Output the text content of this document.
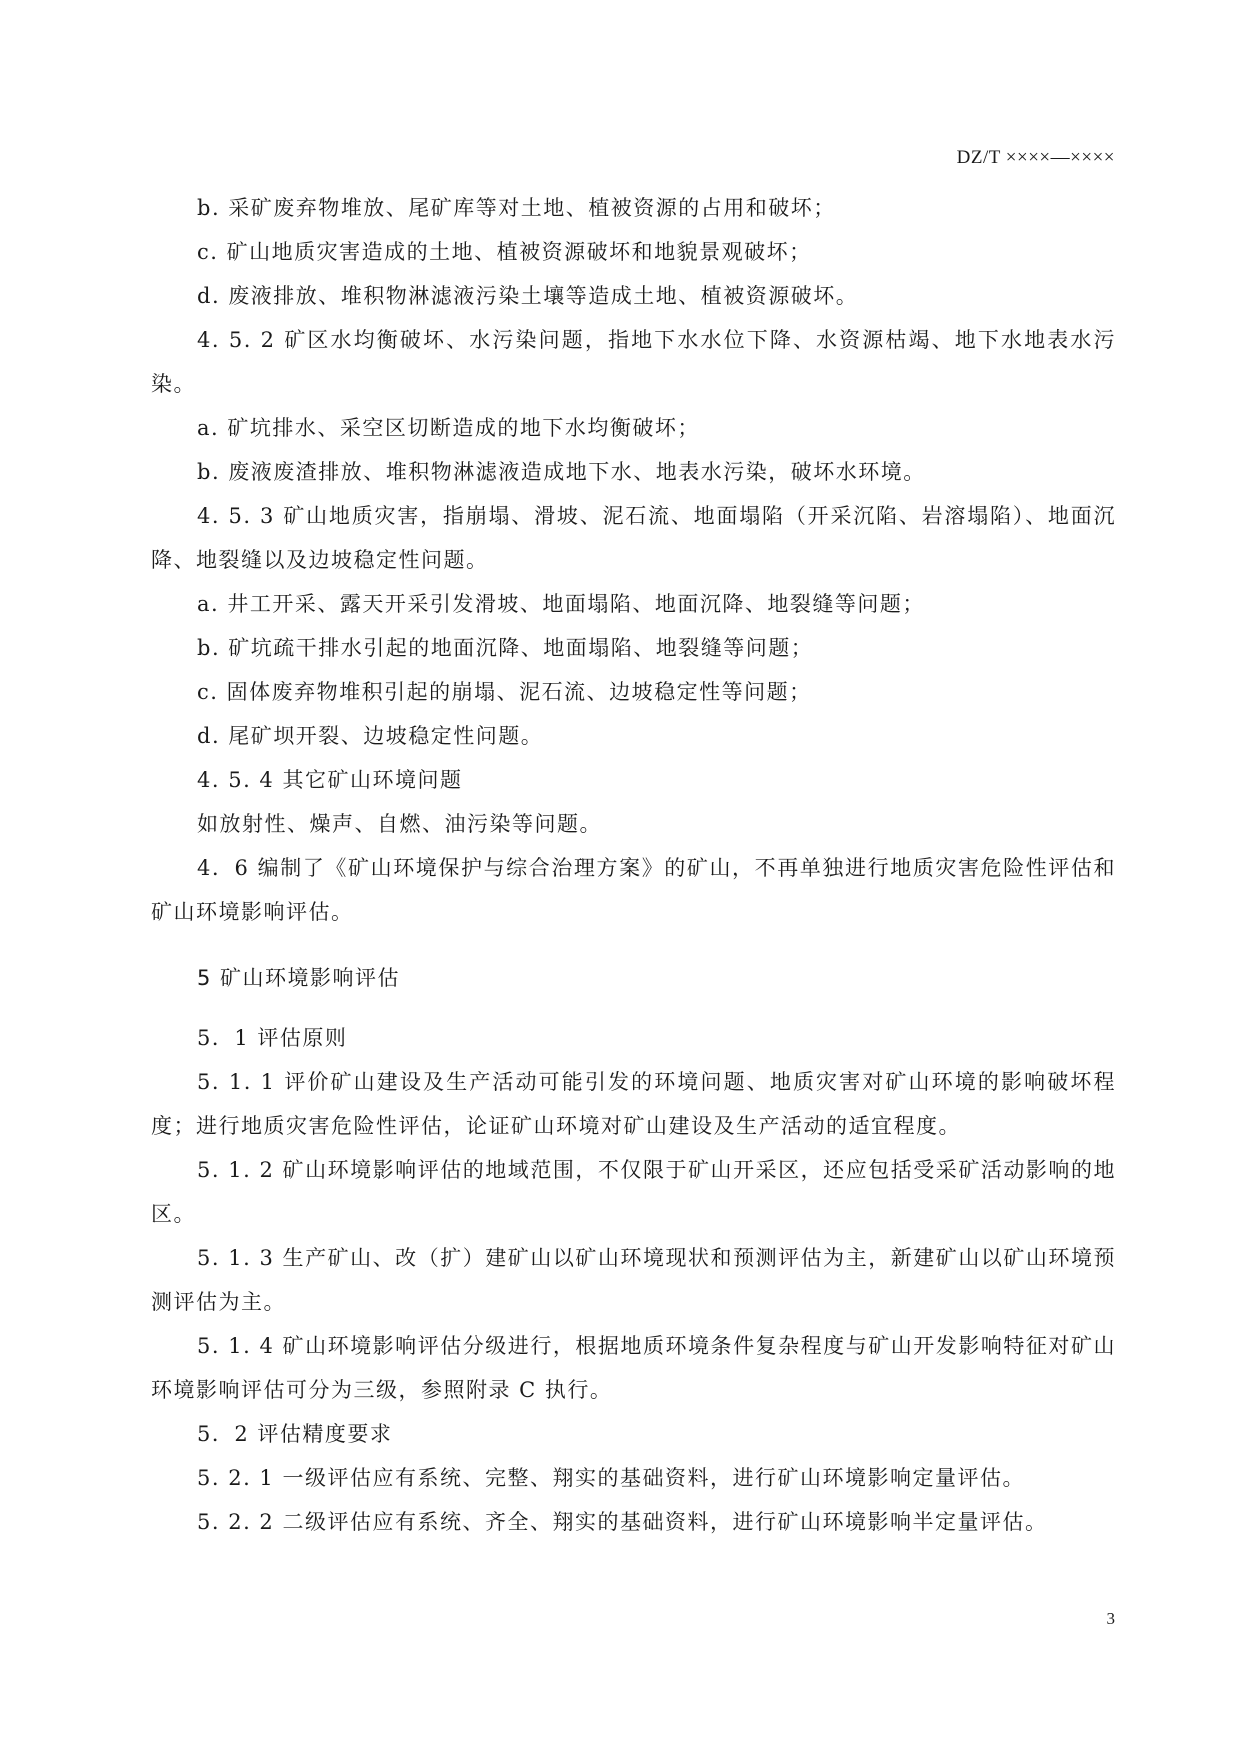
DZ/T ××××—××××

b. 采矿废弃物堆放、尾矿库等对土地、植被资源的占用和破坏；

c. 矿山地质灾害造成的土地、植被资源破坏和地貌景观破坏；

d. 废液排放、堆积物淋滤液污染土壤等造成土地、植被资源破坏。

4. 5. 2 矿区水均衡破坏、水污染问题，指地下水水位下降、水资源枯竭、地下水地表水污染。

a. 矿坑排水、采空区切断造成的地下水均衡破坏；

b. 废液废渣排放、堆积物淋滤液造成地下水、地表水污染，破坏水环境。

4. 5. 3 矿山地质灾害，指崩塌、滑坡、泥石流、地面塌陷（开采沉陷、岩溶塌陷）、地面沉降、地裂缝以及边坡稳定性问题。

a. 井工开采、露天开采引发滑坡、地面塌陷、地面沉降、地裂缝等问题；

b. 矿坑疏干排水引起的地面沉降、地面塌陷、地裂缝等问题；

c. 固体废弃物堆积引起的崩塌、泥石流、边坡稳定性等问题；

d. 尾矿坝开裂、边坡稳定性问题。

4. 5. 4 其它矿山环境问题

如放射性、燥声、自燃、油污染等问题。

4．6 编制了《矿山环境保护与综合治理方案》的矿山，不再单独进行地质灾害危险性评估和矿山环境影响评估。

5 矿山环境影响评估

5．1 评估原则

5. 1. 1 评价矿山建设及生产活动可能引发的环境问题、地质灾害对矿山环境的影响破坏程度；进行地质灾害危险性评估，论证矿山环境对矿山建设及生产活动的适宜程度。

5. 1. 2 矿山环境影响评估的地域范围，不仅限于矿山开采区，还应包括受采矿活动影响的地区。

5. 1. 3 生产矿山、改（扩）建矿山以矿山环境现状和预测评估为主，新建矿山以矿山环境预测评估为主。

5. 1. 4 矿山环境影响评估分级进行，根据地质环境条件复杂程度与矿山开发影响特征对矿山环境影响评估可分为三级，参照附录 C 执行。

5．2 评估精度要求

5. 2. 1 一级评估应有系统、完整、翔实的基础资料，进行矿山环境影响定量评估。

5. 2. 2 二级评估应有系统、齐全、翔实的基础资料，进行矿山环境影响半定量评估。

3
